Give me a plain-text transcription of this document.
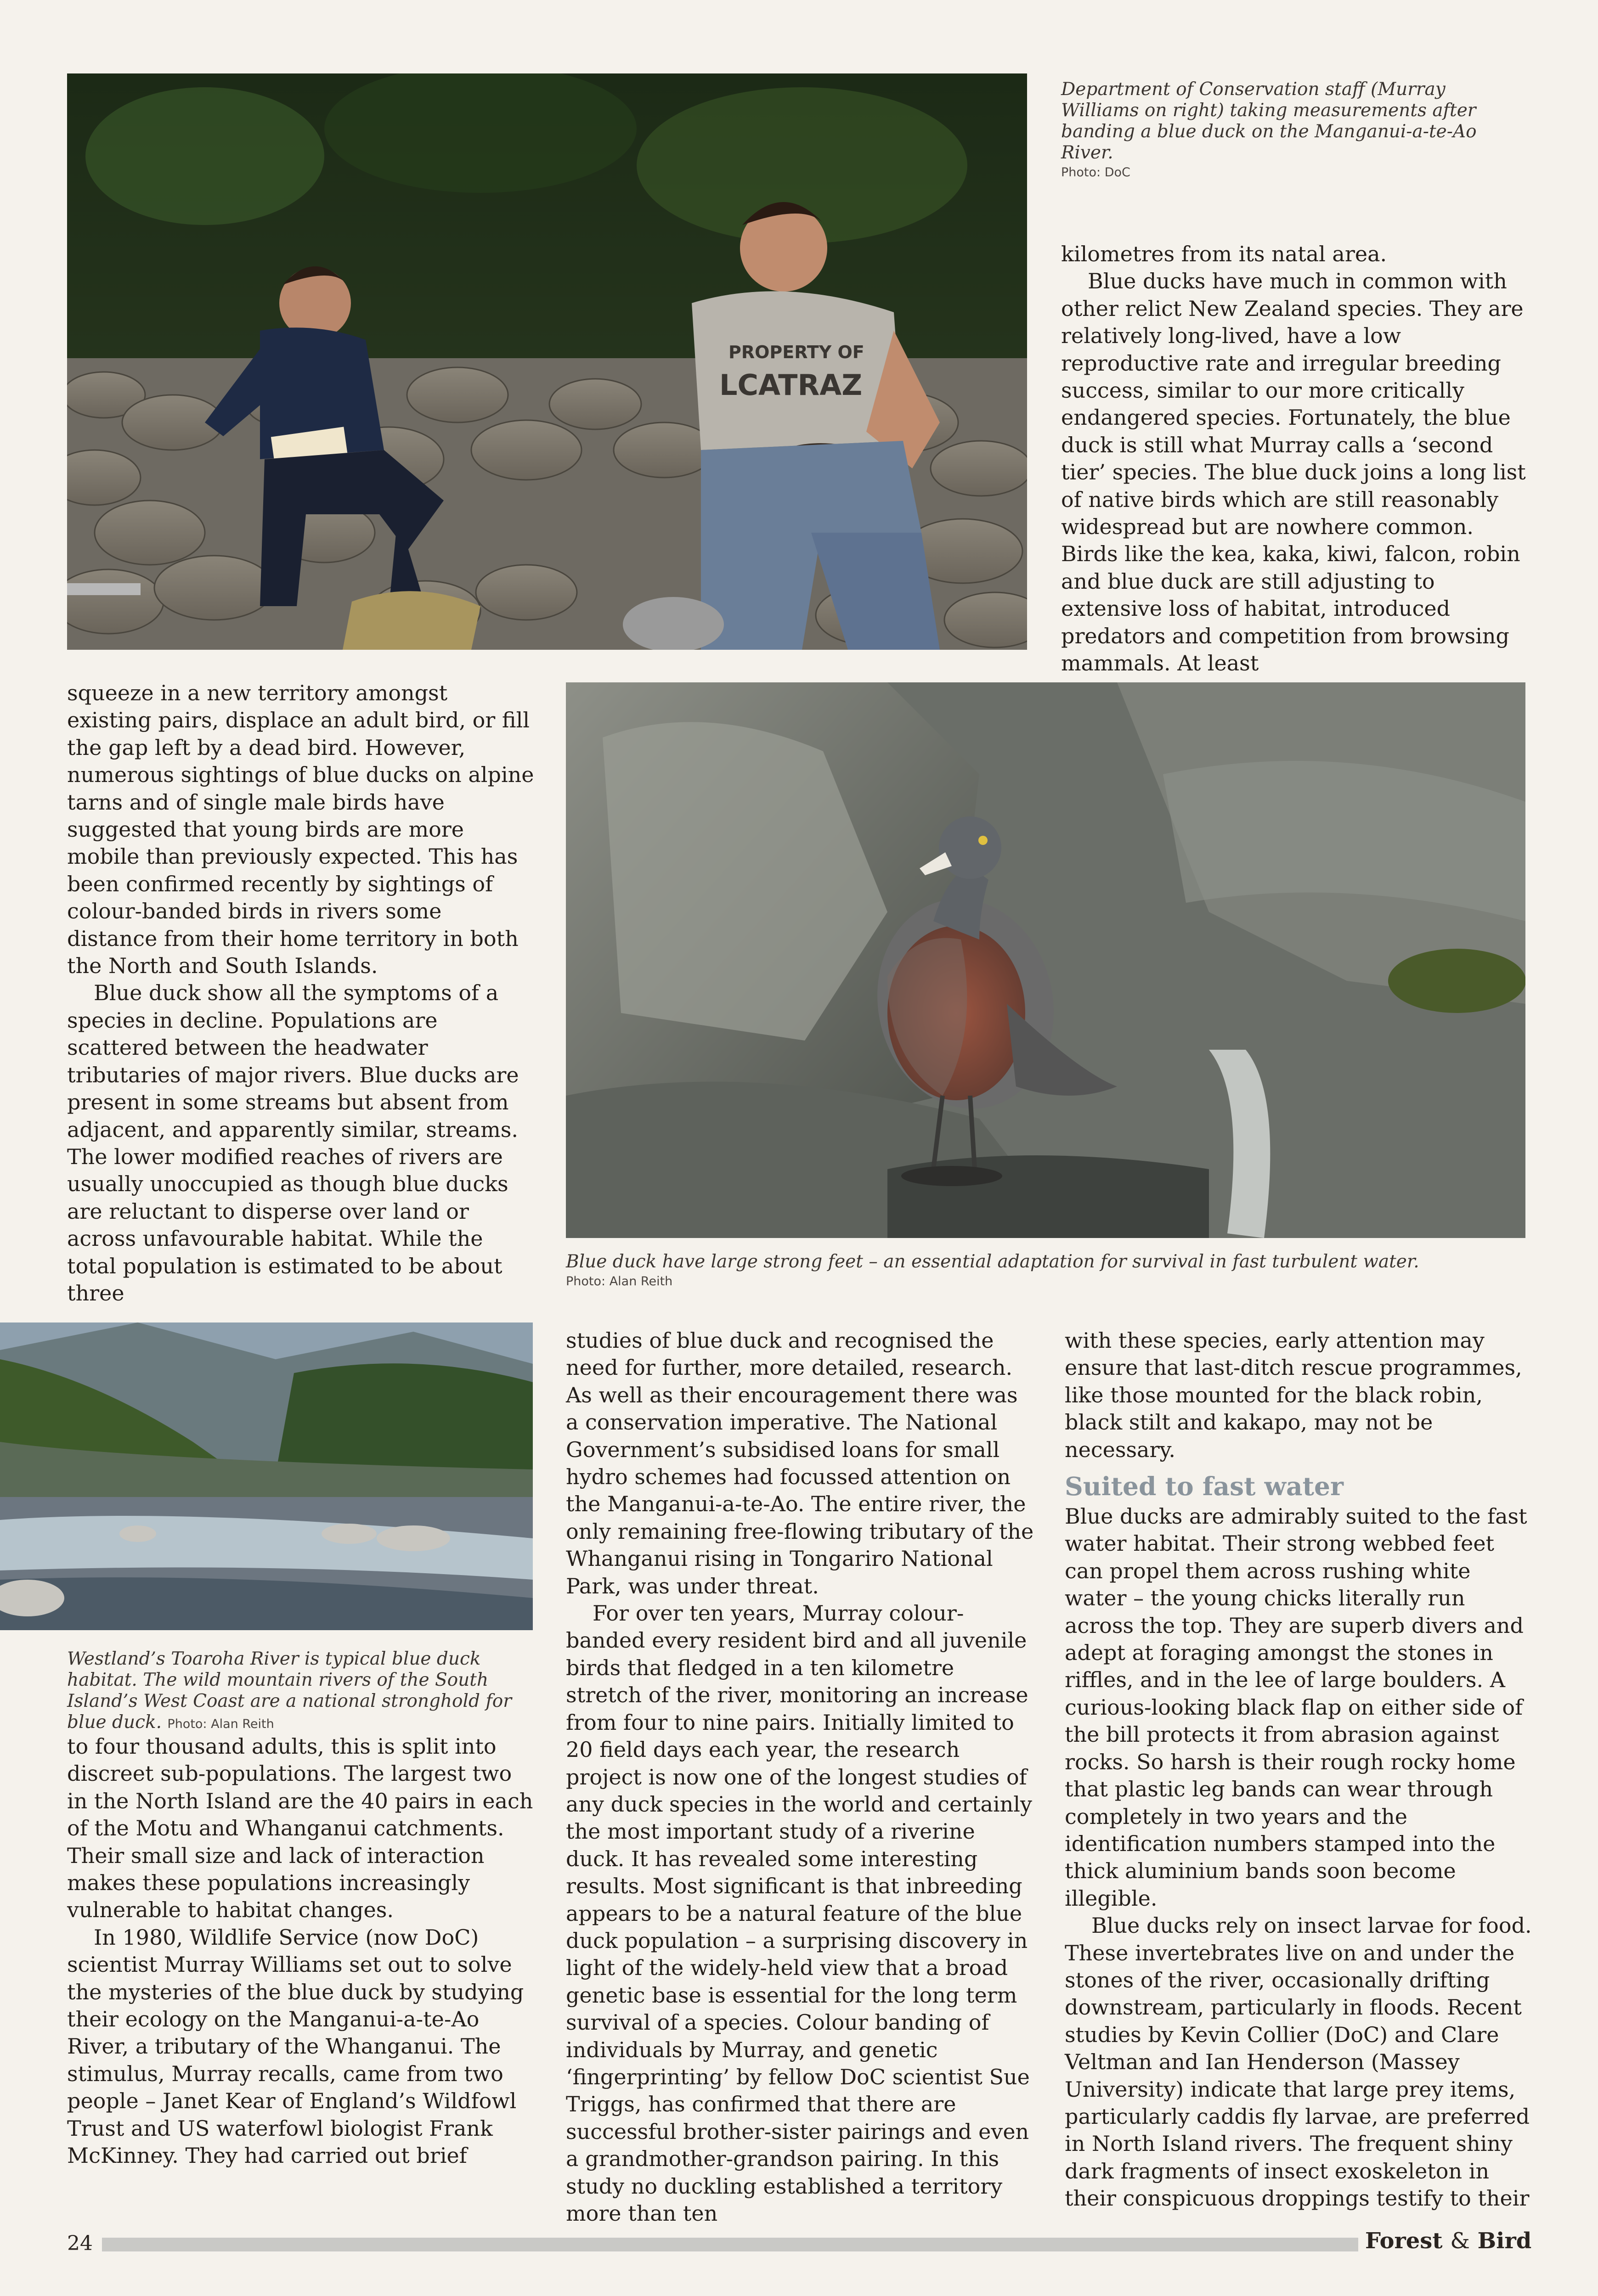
PROPERTY OF
LCATRAZ

Department of Conservation staff (Murray Williams on right) taking measurements after banding a blue duck on the Manganui-a-te-Ao River.

Photo: DoC

kilometres from its natal area.

Blue ducks have much in common with other relict New Zealand species. They are relatively long-lived, have a low reproductive rate and irregular breeding success, similar to our more critically endangered species. Fortunately, the blue duck is still what Murray calls a ‘second tier’ species. The blue duck joins a long list of native birds which are still reasonably widespread but are nowhere common. Birds like the kea, kaka, kiwi, falcon, robin and blue duck are still adjusting to extensive loss of habitat, introduced predators and competition from browsing mammals. At least

squeeze in a new territory amongst existing pairs, displace an adult bird, or fill the gap left by a dead bird. However, numerous sightings of blue ducks on alpine tarns and of single male birds have suggested that young birds are more mobile than previously expected. This has been confirmed recently by sightings of colour-banded birds in rivers some distance from their home territory in both the North and South Islands.

Blue duck show all the symptoms of a species in decline. Populations are scattered between the headwater tributaries of major rivers. Blue ducks are present in some streams but absent from adjacent, and apparently similar, streams. The lower modified reaches of rivers are usually unoccupied as though blue ducks are reluctant to disperse over land or across unfavourable habitat. While the total population is estimated to be about three

Blue duck have large strong feet – an essential adaptation for survival in fast turbulent water.

Photo: Alan Reith

Westland’s Toaroha River is typical blue duck habitat. The wild mountain rivers of the South Island’s West Coast are a national stronghold for blue duck. Photo: Alan Reith

to four thousand adults, this is split into discreet sub-populations. The largest two in the North Island are the 40 pairs in each of the Motu and Whanganui catchments. Their small size and lack of interaction makes these populations increasingly vulnerable to habitat changes.

In 1980, Wildlife Service (now DoC) scientist Murray Williams set out to solve the mysteries of the blue duck by studying their ecology on the Manganui-a-te-Ao River, a tributary of the Whanganui. The stimulus, Murray recalls, came from two people – Janet Kear of England’s Wildfowl Trust and US waterfowl biologist Frank McKinney. They had carried out brief

studies of blue duck and recognised the need for further, more detailed, research. As well as their encouragement there was a conservation imperative. The National Government’s subsidised loans for small hydro schemes had focussed attention on the Manganui-a-te-Ao. The entire river, the only remaining free-flowing tributary of the Whanganui rising in Tongariro National Park, was under threat.

For over ten years, Murray colour-banded every resident bird and all juvenile birds that fledged in a ten kilometre stretch of the river, monitoring an increase from four to nine pairs. Initially limited to 20 field days each year, the research project is now one of the longest studies of any duck species in the world and certainly the most important study of a riverine duck. It has revealed some interesting results. Most significant is that inbreeding appears to be a natural feature of the blue duck population – a surprising discovery in light of the widely-held view that a broad genetic base is essential for the long term survival of a species. Colour banding of individuals by Murray, and genetic ‘fingerprinting’ by fellow DoC scientist Sue Triggs, has confirmed that there are successful brother-sister pairings and even a grandmother-grandson pairing. In this study no duckling established a territory more than ten

with these species, early attention may ensure that last-ditch rescue programmes, like those mounted for the black robin, black stilt and kakapo, may not be necessary.

Suited to fast water

Blue ducks are admirably suited to the fast water habitat. Their strong webbed feet can propel them across rushing white water – the young chicks literally run across the top. They are superb divers and adept at foraging amongst the stones in riffles, and in the lee of large boulders. A curious-looking black flap on either side of the bill protects it from abrasion against rocks. So harsh is their rough rocky home that plastic leg bands can wear through completely in two years and the identification numbers stamped into the thick aluminium bands soon become illegible.

Blue ducks rely on insect larvae for food. These invertebrates live on and under the stones of the river, occasionally drifting downstream, particularly in floods. Recent studies by Kevin Collier (DoC) and Clare Veltman and Ian Henderson (Massey University) indicate that large prey items, particularly caddis fly larvae, are preferred in North Island rivers. The frequent shiny dark fragments of insect exoskeleton in their conspicuous droppings testify to their

24	Forest & Bird
